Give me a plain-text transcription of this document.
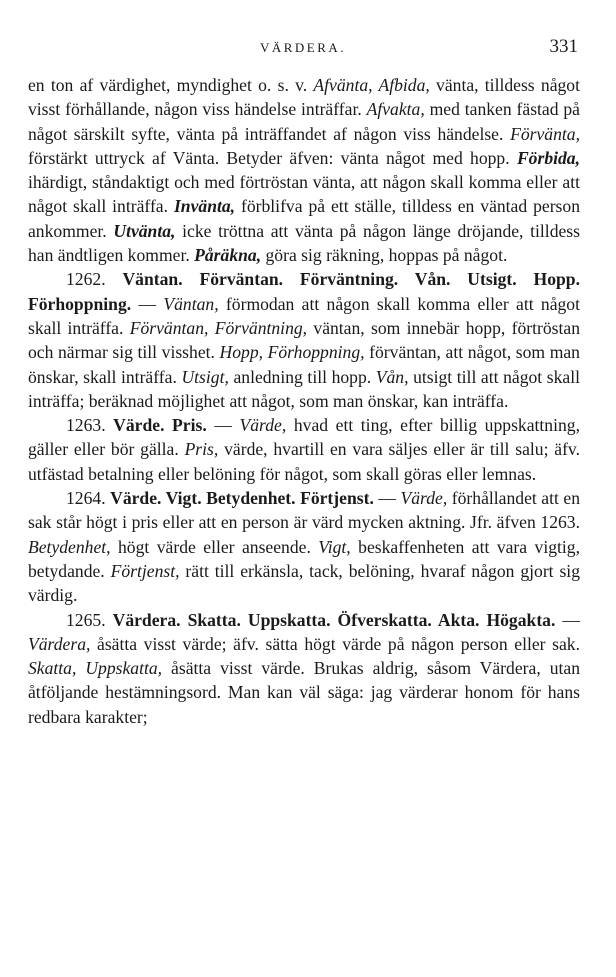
VÄRDERA.	331

en ton af värdighet, myndighet o. s. v. Afvänta, Afbida, vänta, tilldess något visst förhållande, någon viss händelse inträffar. Afvakta, med tanken fästad på något särskilt syfte, vänta på inträffandet af någon viss händelse. Förvänta, förstärkt uttryck af Vänta. Betyder äfven: vänta något med hopp. Förbida, ihärdigt, ståndaktigt och med förtröstan vänta, att någon skall komma eller att något skall inträffa. Invänta, förblifva på ett ställe, tilldess en väntad person ankommer. Utvänta, icke tröttna att vänta på någon länge dröjande, tilldess han ändtligen kommer. Påräkna, göra sig räkning, hoppas på något.

1262. Väntan. Förväntan. Förväntning. Vån. Utsigt. Hopp. Förhoppning. — Väntan, förmodan att någon skall komma eller att något skall inträffa. Förväntan, Förväntning, väntan, som innebär hopp, förtröstan och närmar sig till visshet. Hopp, Förhoppning, förväntan, att något, som man önskar, skall inträffa. Utsigt, anledning till hopp. Vån, utsigt till att något skall inträffa; beräknad möjlighet att något, som man önskar, kan inträffa.

1263. Värde. Pris. — Värde, hvad ett ting, efter billig uppskattning, gäller eller bör gälla. Pris, värde, hvartill en vara säljes eller är till salu; äfv. utfästad betalning eller belöning för något, som skall göras eller lemnas.

1264. Värde. Vigt. Betydenhet. Förtjenst. — Värde, förhållandet att en sak står högt i pris eller att en person är värd mycken aktning. Jfr. äfven 1263. Betydenhet, högt värde eller anseende. Vigt, beskaffenheten att vara vigtig, betydande. Förtjenst, rätt till erkänsla, tack, belöning, hvaraf någon gjort sig värdig.

1265. Värdera. Skatta. Uppskatta. Öfverskatta. Akta. Högakta. — Värdera, åsätta visst värde; äfv. sätta högt värde på någon person eller sak. Skatta, Uppskatta, åsätta visst värde. Brukas aldrig, såsom Värdera, utan åtföljande hestämningsord. Man kan väl säga: jag värderar honom för hans redbara karakter;
